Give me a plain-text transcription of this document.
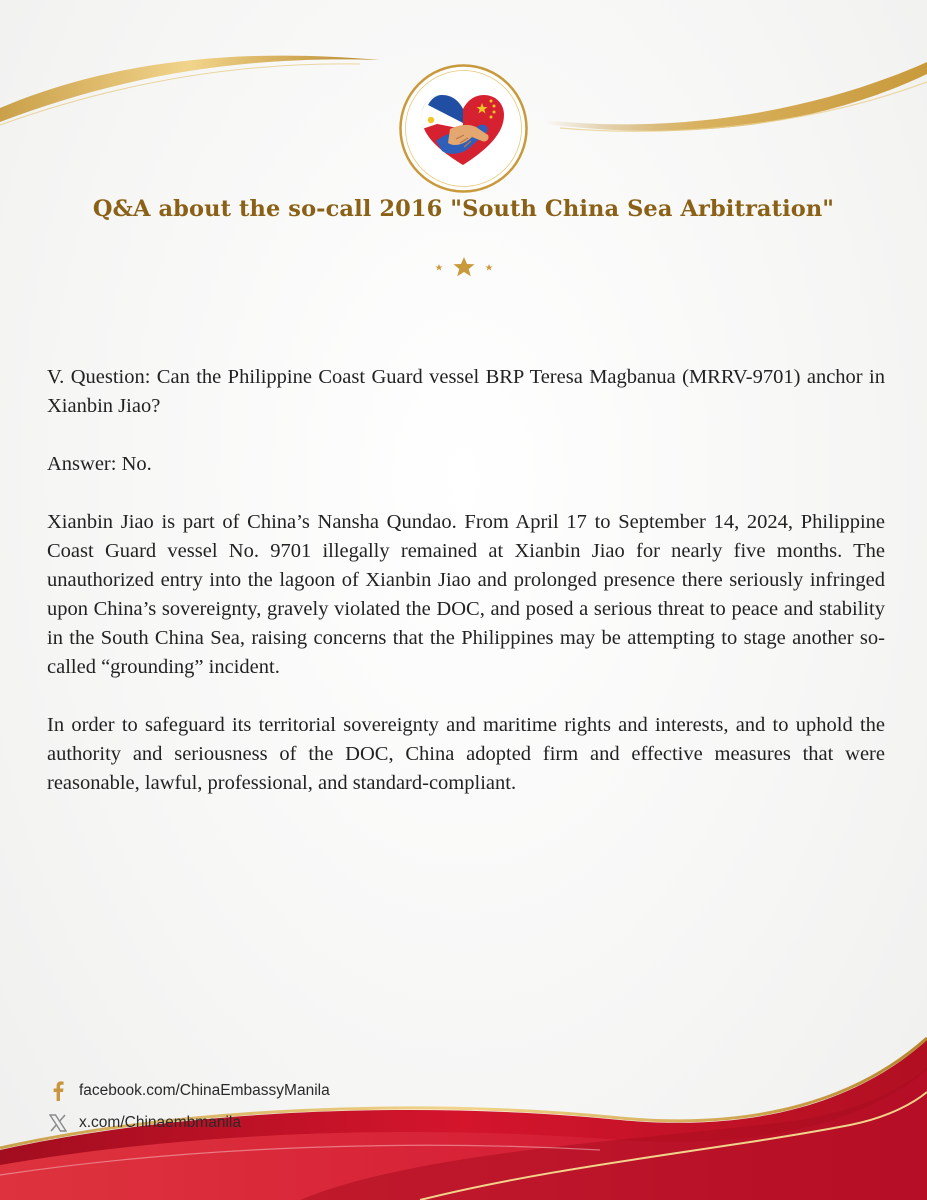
Q&A about the so-call 2016 "South China Sea Arbitration"

V. Question: Can the Philippine Coast Guard vessel BRP Teresa Magbanua (MRRV-9701) anchor in Xianbin Jiao?

Answer: No.

Xianbin Jiao is part of China’s Nansha Qundao. From April 17 to September 14, 2024, Philippine Coast Guard vessel No. 9701 illegally remained at Xianbin Jiao for nearly five months. The unauthorized entry into the lagoon of Xianbin Jiao and prolonged presence there seriously infringed upon China’s sovereignty, gravely violated the DOC, and posed a serious threat to peace and stability in the South China Sea, raising concerns that the Philippines may be attempting to stage another so-called “grounding” incident.

In order to safeguard its territorial sovereignty and maritime rights and interests, and to uphold the authority and seriousness of the DOC, China adopted firm and effective measures that were reasonable, lawful, professional, and standard-compliant.

facebook.com/ChinaEmbassyManila
x.com/Chinaembmanila
